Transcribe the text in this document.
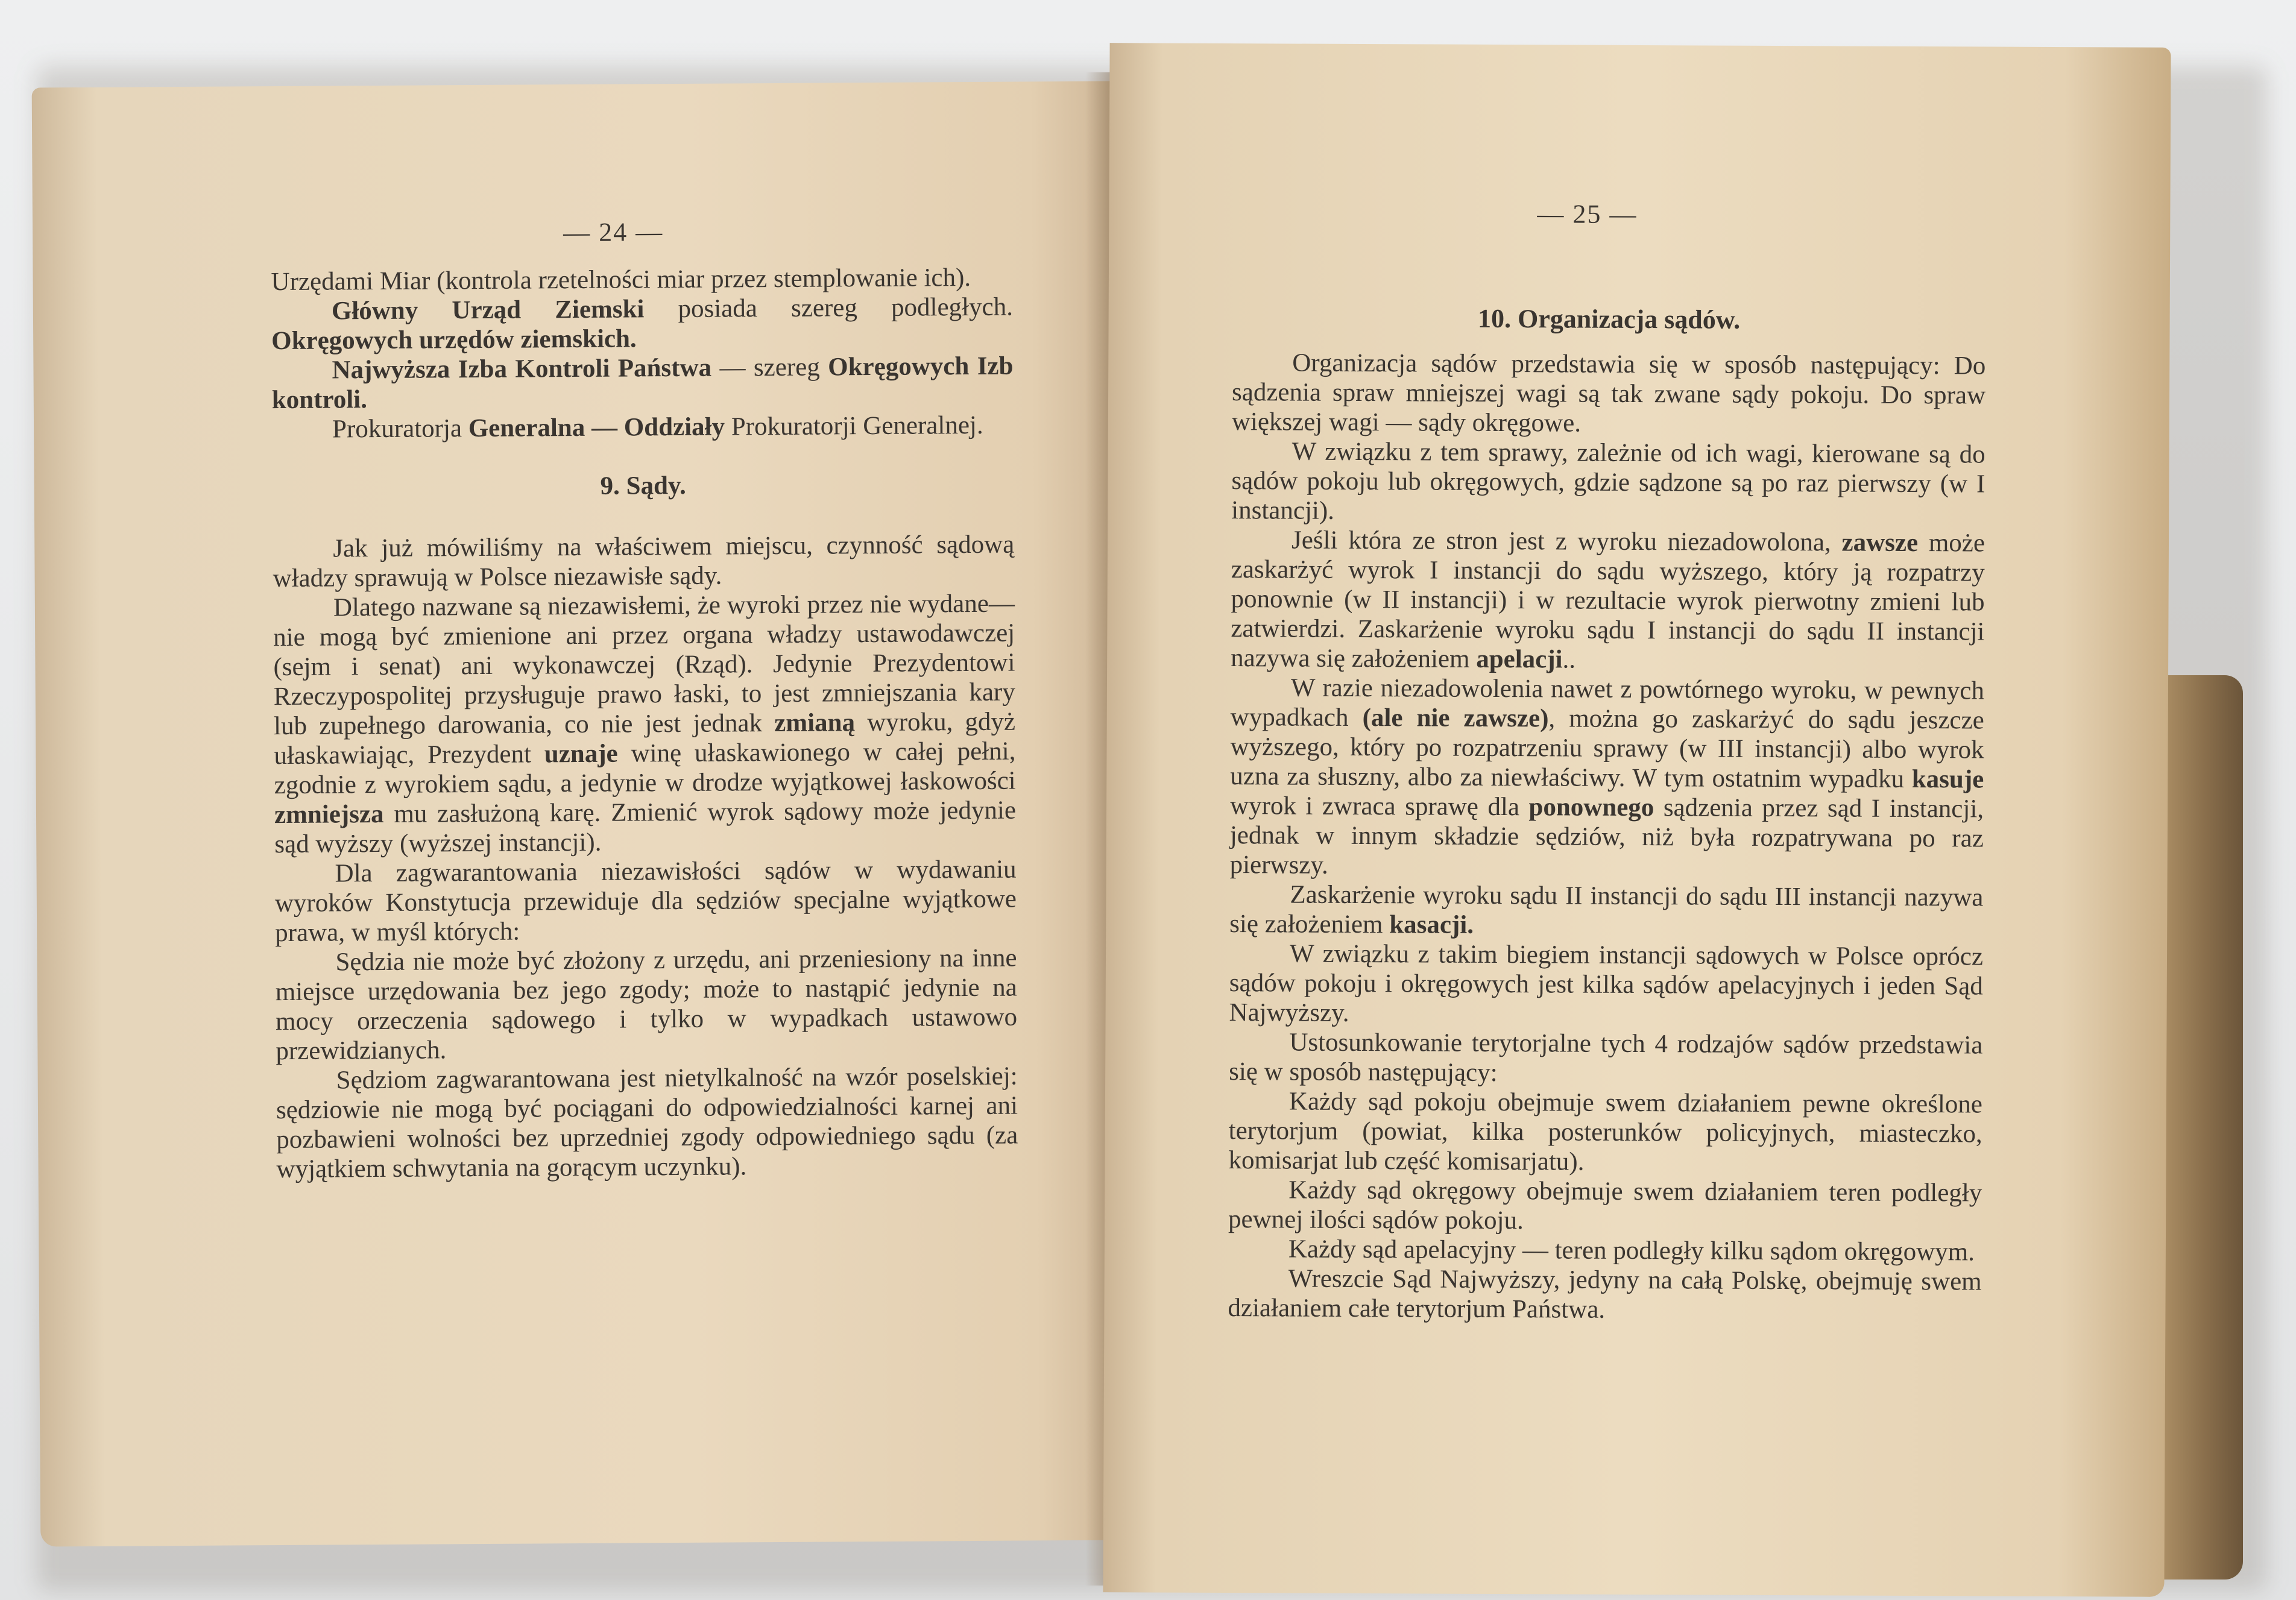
— 24 —

Urzędami Miar (kontrola rzetelności miar przez stemplowanie ich).

Główny Urząd Ziemski posiada szereg podległych. Okręgowych urzędów ziemskich.

Najwyższa Izba Kontroli Państwa — szereg Okręgowych Izb kontroli.

Prokuratorja Generalna — Oddziały Prokuratorji Generalnej.

9. Sądy.

Jak już mówiliśmy na właściwem miejscu, czynność sądową władzy sprawują w Polsce niezawisłe sądy.

Dlatego nazwane są niezawisłemi, że wyroki przez nie wydane—nie mogą być zmienione ani przez organa władzy ustawodawczej (sejm i senat) ani wykonawczej (Rząd). Jedynie Prezydentowi Rzeczypospolitej przysługuje prawo łaski, to jest zmniejszania kary lub zupełnego darowania, co nie jest jednak zmianą wyroku, gdyż ułaskawiając, Prezydent uznaje winę ułaskawionego w całej pełni, zgodnie z wyrokiem sądu, a jedynie w drodze wyjątkowej łaskowości zmniejsza mu zasłużoną karę. Zmienić wyrok sądowy może jedynie sąd wyższy (wyższej instancji).

Dla zagwarantowania niezawisłości sądów w wydawaniu wyroków Konstytucja przewiduje dla sędziów specjalne wyjątkowe prawa, w myśl których:

Sędzia nie może być złożony z urzędu, ani przeniesiony na inne miejsce urzędowania bez jego zgody; może to nastąpić jedynie na mocy orzeczenia sądowego i tylko w wypadkach ustawowo przewidzianych.

Sędziom zagwarantowana jest nietylkalność na wzór poselskiej: sędziowie nie mogą być pociągani do odpowiedzialności karnej ani pozbawieni wolności bez uprzedniej zgody odpowiedniego sądu (za wyjątkiem schwytania na gorącym uczynku).

— 25 —

10. Organizacja sądów.

Organizacja sądów przedstawia się w sposób następujący: Do sądzenia spraw mniejszej wagi są tak zwane sądy pokoju. Do spraw większej wagi — sądy okręgowe.

W związku z tem sprawy, zależnie od ich wagi, kierowane są do sądów pokoju lub okręgowych, gdzie sądzone są po raz pierwszy (w I instancji).

Jeśli która ze stron jest z wyroku niezadowolona, zawsze może zaskarżyć wyrok I instancji do sądu wyższego, który ją rozpatrzy ponownie (w II instancji) i w rezultacie wyrok pierwotny zmieni lub zatwierdzi. Zaskarżenie wyroku sądu I instancji do sądu II instancji nazywa się założeniem apelacji..

W razie niezadowolenia nawet z powtórnego wyroku, w pewnych wypadkach (ale nie zawsze), można go zaskarżyć do sądu jeszcze wyższego, który po rozpatrzeniu sprawy (w III instancji) albo wyrok uzna za słuszny, albo za niewłaściwy. W tym ostatnim wypadku kasuje wyrok i zwraca sprawę dla ponownego sądzenia przez sąd I instancji, jednak w innym składzie sędziów, niż była rozpatrywana po raz pierwszy.

Zaskarżenie wyroku sądu II instancji do sądu III instancji nazywa się założeniem kasacji.

W związku z takim biegiem instancji sądowych w Polsce oprócz sądów pokoju i okręgowych jest kilka sądów apelacyjnych i jeden Sąd Najwyższy.

Ustosunkowanie terytorjalne tych 4 rodzajów sądów przedstawia się w sposób następujący:

Każdy sąd pokoju obejmuje swem działaniem pewne określone terytorjum (powiat, kilka posterunków policyjnych, miasteczko, komisarjat lub część komisarjatu).

Każdy sąd okręgowy obejmuje swem działaniem teren podległy pewnej ilości sądów pokoju.

Każdy sąd apelacyjny — teren podległy kilku sądom okręgowym.

Wreszcie Sąd Najwyższy, jedyny na całą Polskę, obejmuję swem działaniem całe terytorjum Państwa.
